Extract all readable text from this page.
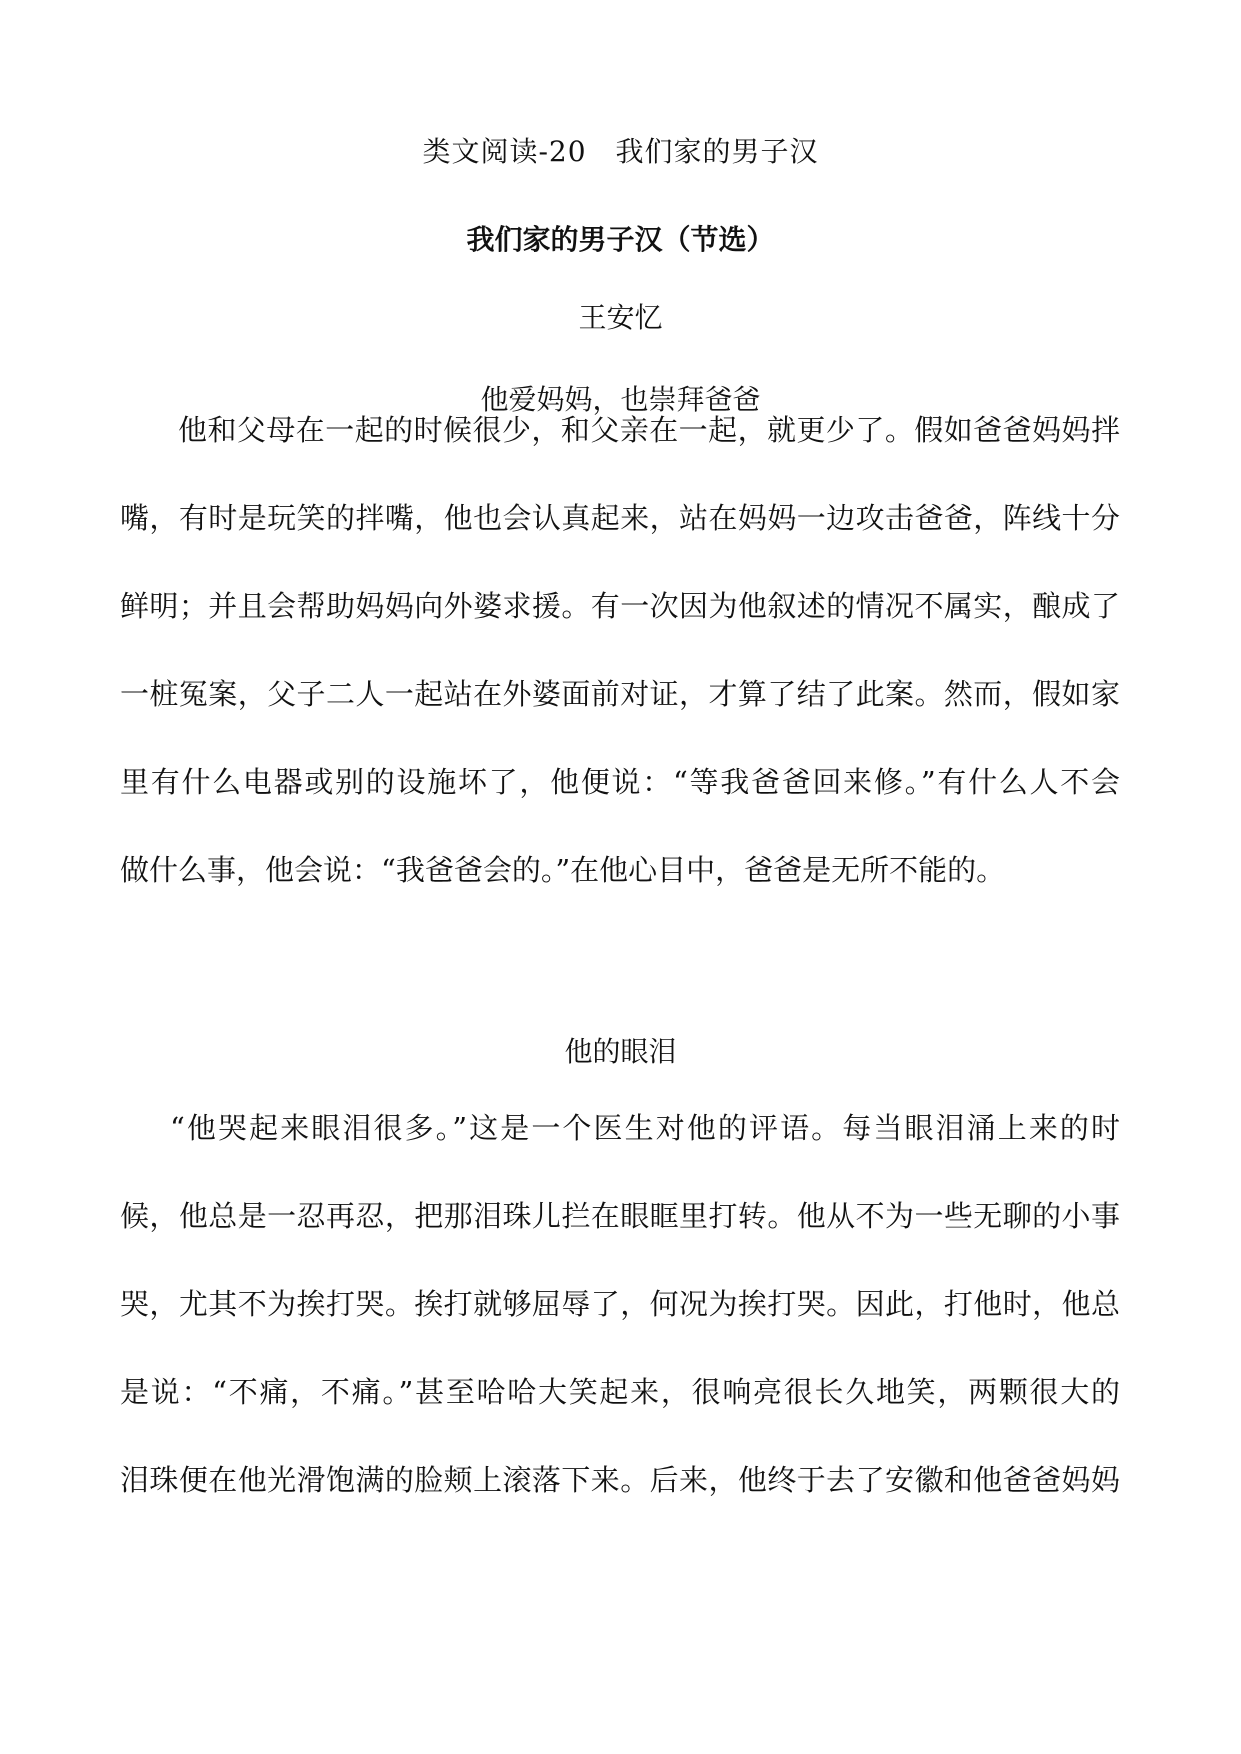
类文阅读-20　我们家的男子汉
我们家的男子汉（节选）
王安忆
他爱妈妈，也崇拜爸爸
他和父母在一起的时候很少，和父亲在一起，就更少了。假如爸爸妈妈拌
嘴，有时是玩笑的拌嘴，他也会认真起来，站在妈妈一边攻击爸爸，阵线十分
鲜明；并且会帮助妈妈向外婆求援。有一次因为他叙述的情况不属实，酿成了
一桩冤案，父子二人一起站在外婆面前对证，才算了结了此案。然而，假如家
里有什么电器或别的设施坏了，他便说：“等我爸爸回来修。”有什么人不会
做什么事，他会说：“我爸爸会的。”在他心目中，爸爸是无所不能的。
他的眼泪
“他哭起来眼泪很多。”这是一个医生对他的评语。每当眼泪涌上来的时
候，他总是一忍再忍，把那泪珠儿拦在眼眶里打转。他从不为一些无聊的小事
哭，尤其不为挨打哭。挨打就够屈辱了，何况为挨打哭。因此，打他时，他总
是说：“不痛，不痛。”甚至哈哈大笑起来，很响亮很长久地笑，两颗很大的
泪珠便在他光滑饱满的脸颊上滚落下来。后来，他终于去了安徽和他爸爸妈妈
